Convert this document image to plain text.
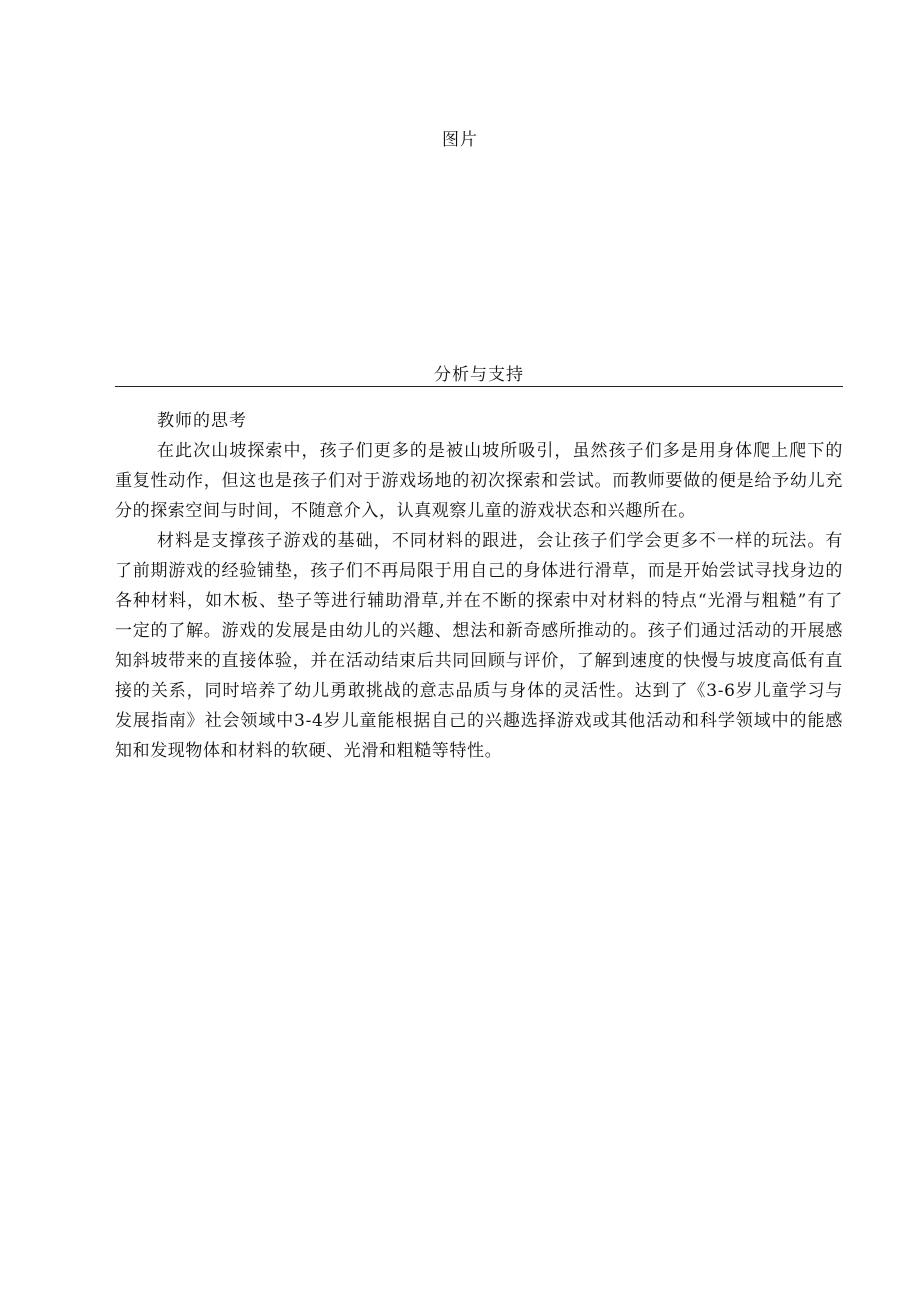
图片
分析与支持

教师的思考

在此次山坡探索中，孩子们更多的是被山坡所吸引，虽然孩子们多是用身体爬上爬下的重复性动作，但这也是孩子们对于游戏场地的初次探索和尝试。而教师要做的便是给予幼儿充分的探索空间与时间，不随意介入，认真观察儿童的游戏状态和兴趣所在。

材料是支撑孩子游戏的基础，不同材料的跟进，会让孩子们学会更多不一样的玩法。有了前期游戏的经验铺垫，孩子们不再局限于用自己的身体进行滑草，而是开始尝试寻找身边的各种材料，如木板、垫子等进行辅助滑草,并在不断的探索中对材料的特点“光滑与粗糙”有了一定的了解。游戏的发展是由幼儿的兴趣、想法和新奇感所推动的。孩子们通过活动的开展感知斜坡带来的直接体验，并在活动结束后共同回顾与评价，了解到速度的快慢与坡度高低有直接的关系，同时培养了幼儿勇敢挑战的意志品质与身体的灵活性。达到了《3-6岁儿童学习与发展指南》社会领域中3-4岁儿童能根据自己的兴趣选择游戏或其他活动和科学领域中的能感知和发现物体和材料的软硬、光滑和粗糙等特性。
